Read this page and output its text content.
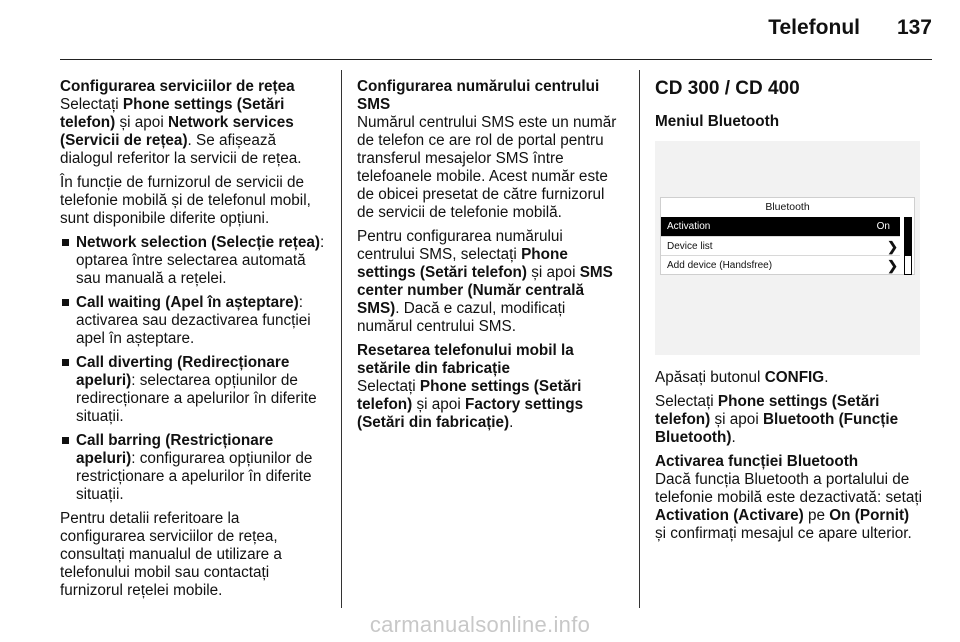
Telefonul 137

Configurarea serviciilor de rețea
Selectați Phone settings (Setări telefon) și apoi Network services (Servicii de rețea). Se afișează dialogul referitor la servicii de rețea.

În funcție de furnizorul de servicii de telefonie mobilă și de telefonul mobil, sunt disponibile diferite opțiuni.

Network selection (Selecție rețea): optarea între selectarea automată sau manuală a rețelei.
Call waiting (Apel în așteptare): activarea sau dezactivarea funcției apel în așteptare.
Call diverting (Redirecționare apeluri): selectarea opțiunilor de redirecționare a apelurilor în diferite situații.
Call barring (Restricționare apeluri): configurarea opțiunilor de restricționare a apelurilor în diferite situații.

Pentru detalii referitoare la configurarea serviciilor de rețea, consultați manualul de utilizare a telefonului mobil sau contactați furnizorul rețelei mobile.

Configurarea numărului centrului SMS
Numărul centrului SMS este un număr de telefon ce are rol de portal pentru transferul mesajelor SMS între telefoanele mobile. Acest număr este de obicei presetat de către furnizorul de servicii de telefonie mobilă.

Pentru configurarea numărului centrului SMS, selectați Phone settings (Setări telefon) și apoi SMS center number (Număr centrală SMS). Dacă e cazul, modificați numărul centrului SMS.

Resetarea telefonului mobil la setările din fabricație
Selectați Phone settings (Setări telefon) și apoi Factory settings (Setări din fabricație).

CD 300 / CD 400
Meniul Bluetooth
Bluetooth
Activation	On
Device list	❯
Add device (Handsfree)	❯

Apăsați butonul CONFIG.

Selectați Phone settings (Setări telefon) și apoi Bluetooth (Funcție Bluetooth).

Activarea funcției Bluetooth
Dacă funcția Bluetooth a portalului de telefonie mobilă este dezactivată: setați Activation (Activare) pe On (Pornit) și confirmați mesajul ce apare ulterior.

carmanualsonline.info
